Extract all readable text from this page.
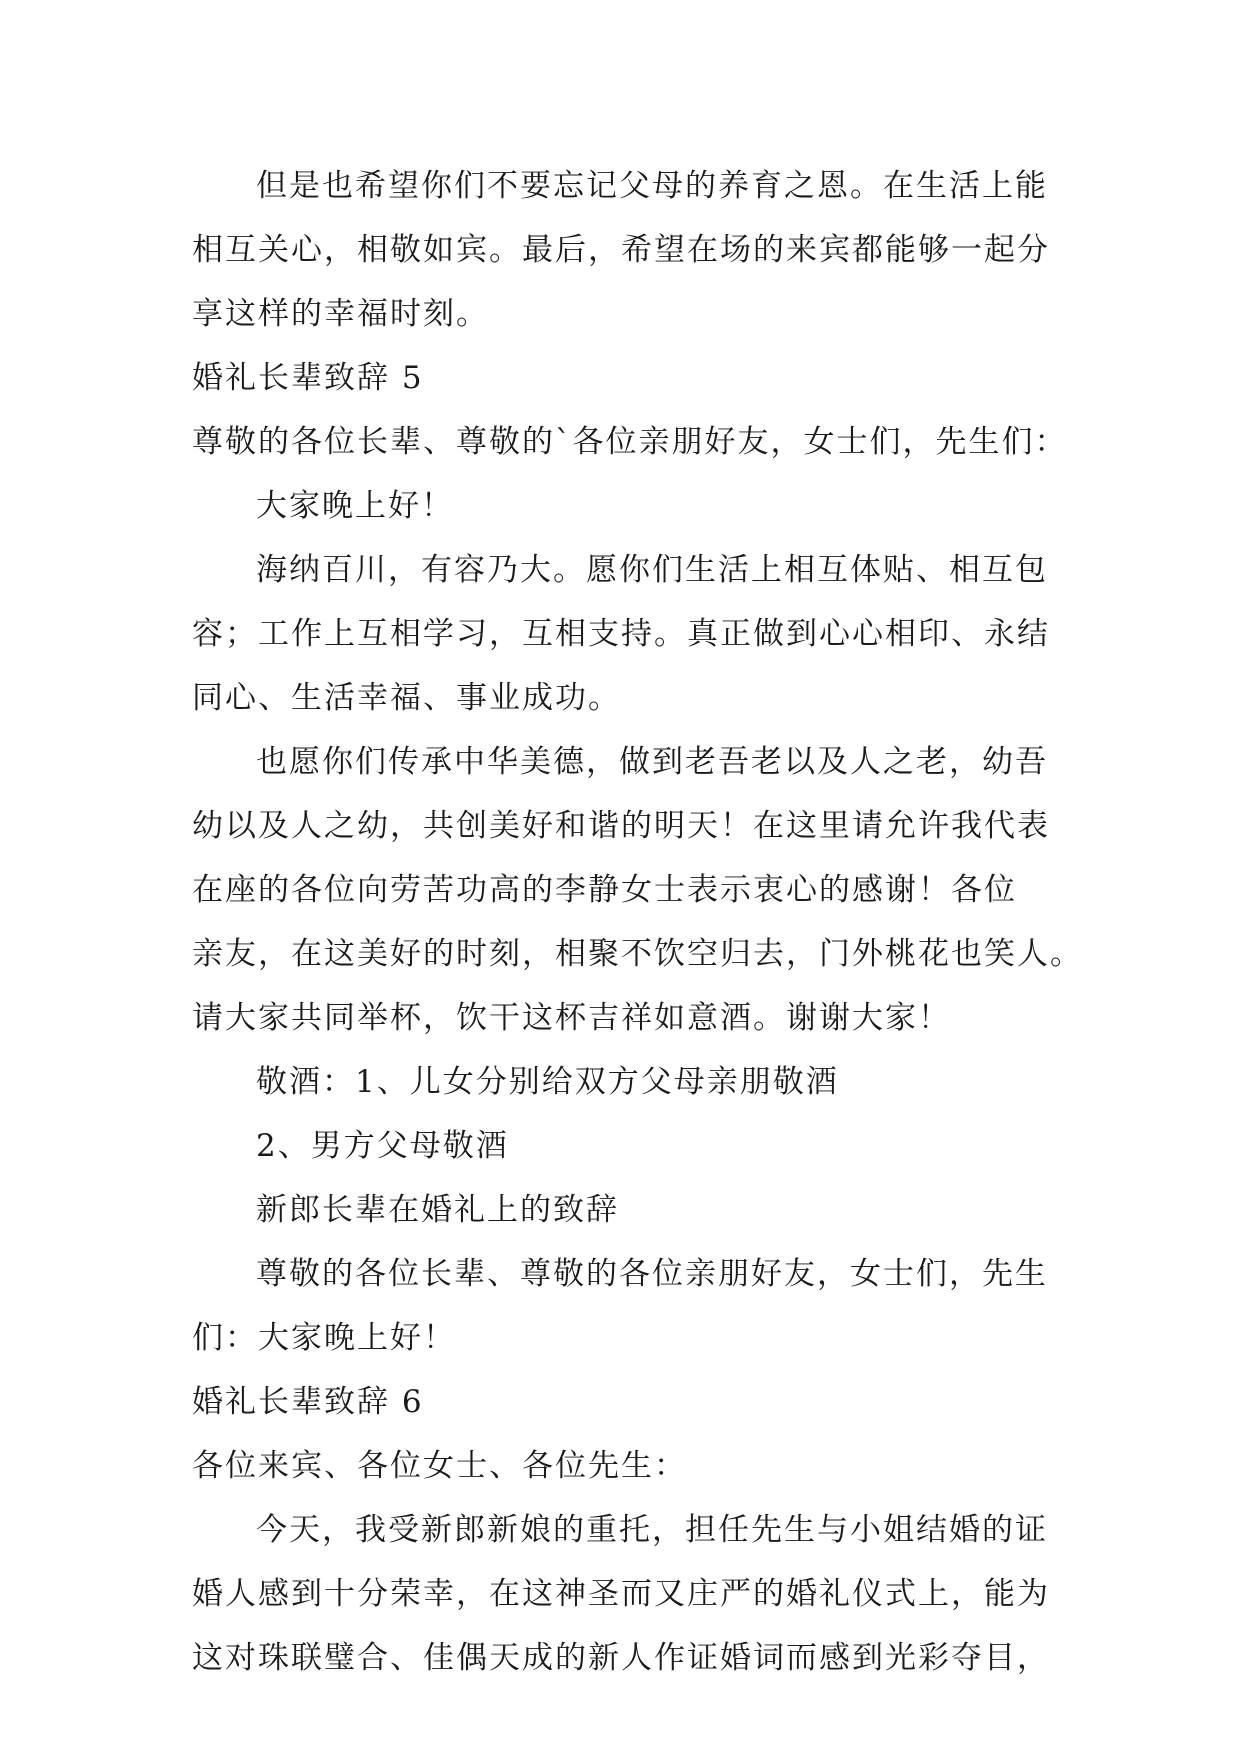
但是也希望你们不要忘记父母的养育之恩。在生活上能
相互关心，相敬如宾。最后，希望在场的来宾都能够一起分
享这样的幸福时刻。
婚礼长辈致辞 5
尊敬的各位长辈、尊敬的`各位亲朋好友，女士们，先生们：
大家晚上好！
海纳百川，有容乃大。愿你们生活上相互体贴、相互包
容；工作上互相学习，互相支持。真正做到心心相印、永结
同心、生活幸福、事业成功。
也愿你们传承中华美德，做到老吾老以及人之老，幼吾
幼以及人之幼，共创美好和谐的明天！在这里请允许我代表
在座的各位向劳苦功高的李静女士表示衷心的感谢！各位
亲友，在这美好的时刻，相聚不饮空归去，门外桃花也笑人。
请大家共同举杯，饮干这杯吉祥如意酒。谢谢大家！
敬酒：1、儿女分别给双方父母亲朋敬酒
2、男方父母敬酒
新郎长辈在婚礼上的致辞
尊敬的各位长辈、尊敬的各位亲朋好友，女士们，先生
们：大家晚上好！
婚礼长辈致辞 6
各位来宾、各位女士、各位先生：
今天，我受新郎新娘的重托，担任先生与小姐结婚的证
婚人感到十分荣幸，在这神圣而又庄严的婚礼仪式上，能为
这对珠联璧合、佳偶天成的新人作证婚词而感到光彩夺目，
